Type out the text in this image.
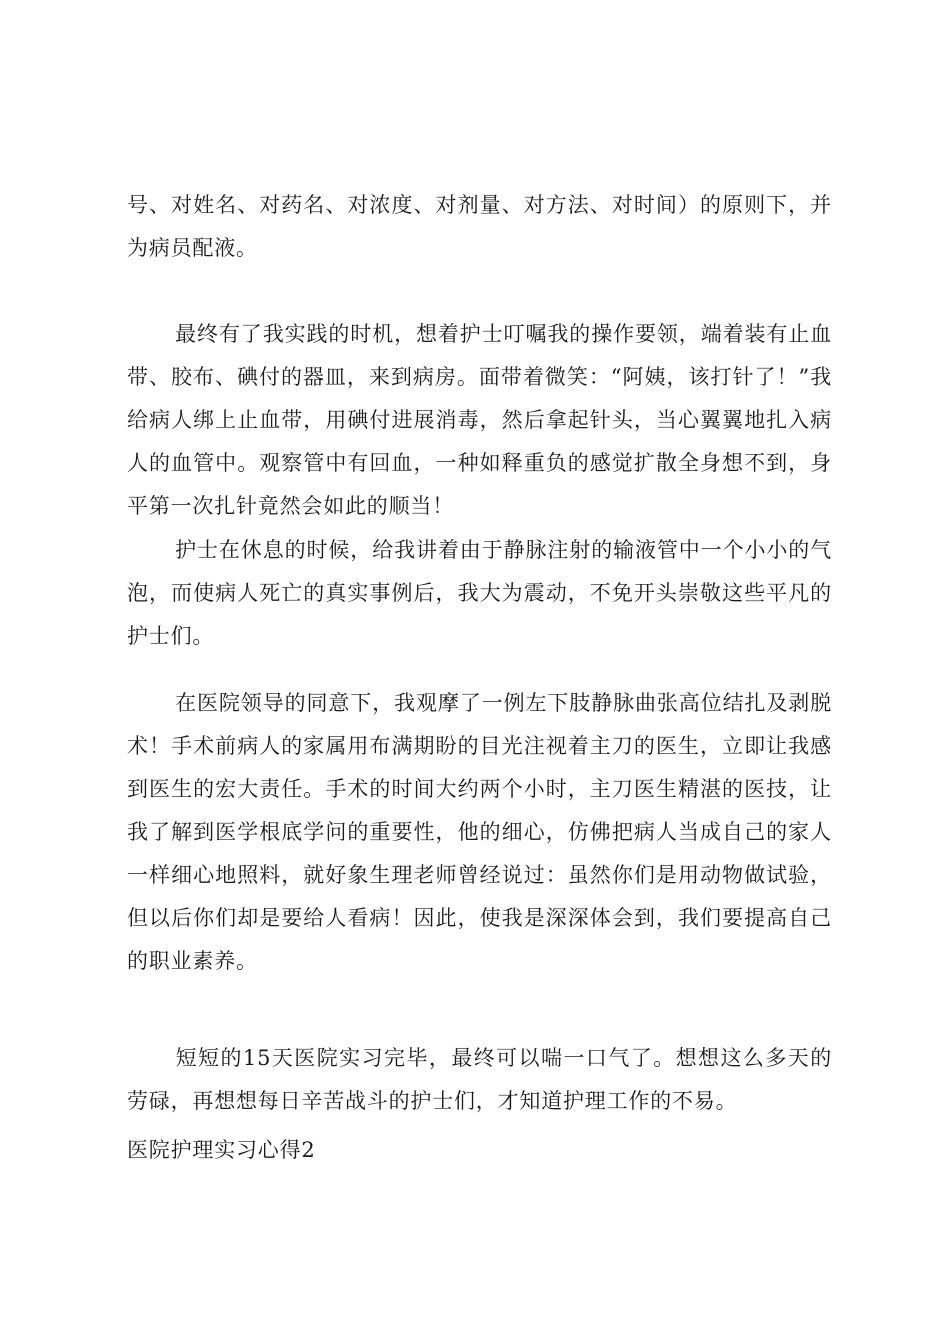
号、对姓名、对药名、对浓度、对剂量、对方法、对时间）的原则下，并为病员配液。
最终有了我实践的时机，想着护士叮嘱我的操作要领，端着装有止血带、胶布、碘付的器皿，来到病房。面带着微笑：“阿姨，该打针了！”我给病人绑上止血带，用碘付进展消毒，然后拿起针头，当心翼翼地扎入病人的血管中。观察管中有回血，一种如释重负的感觉扩散全身想不到，身平第一次扎针竟然会如此的顺当！
护士在休息的时候，给我讲着由于静脉注射的输液管中一个小小的气泡，而使病人死亡的真实事例后，我大为震动，不免开头崇敬这些平凡的护士们。
在医院领导的同意下，我观摩了一例左下肢静脉曲张高位结扎及剥脱术！手术前病人的家属用布满期盼的目光注视着主刀的医生，立即让我感到医生的宏大责任。手术的时间大约两个小时，主刀医生精湛的医技，让我了解到医学根底学问的重要性，他的细心，仿佛把病人当成自己的家人一样细心地照料，就好象生理老师曾经说过：虽然你们是用动物做试验，但以后你们却是要给人看病！因此，使我是深深体会到，我们要提高自己的职业素养。
短短的15天医院实习完毕，最终可以喘一口气了。想想这么多天的劳碌，再想想每日辛苦战斗的护士们，才知道护理工作的不易。
医院护理实习心得2
